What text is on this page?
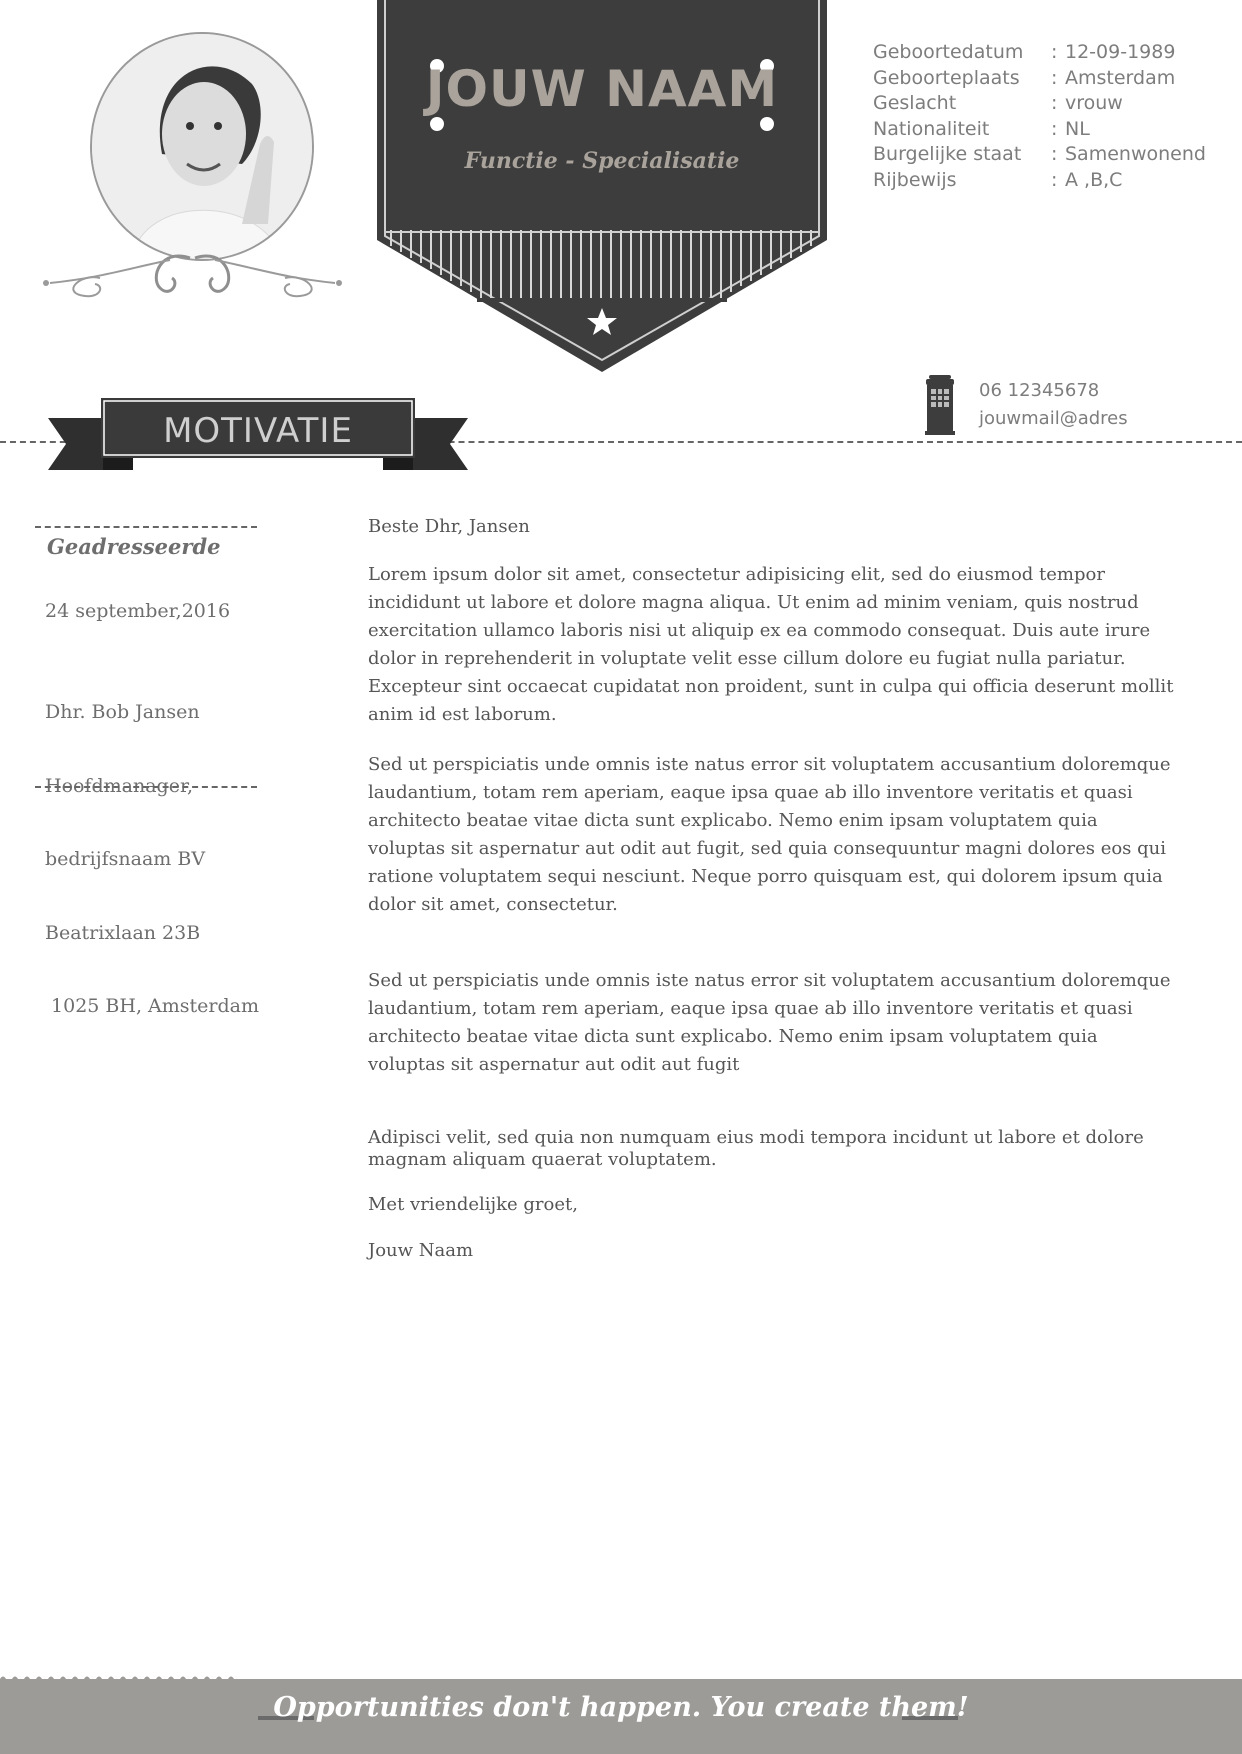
JOUW NAAM
Functie - Specialisatie
Geboortedatum : 12-09-1989
Geboorteplaats : Amsterdam
Geslacht	: vrouw
Nationaliteit	: NL
Burgelijke staat : Samenwonend
Rijbewijs	: A ,B,C
06 12345678
jouwmail@adres
MOTIVATIE
Geadresseerde
24 september,2016

Dhr. Bob Jansen

Hoofdmanager,

bedrijfsnaam BV

Beatrixlaan 23B

1025 BH, Amsterdam

Beste Dhr, Jansen

Lorem ipsum dolor sit amet, consectetur adipisicing elit, sed do eiusmod tempor incididunt ut labore et dolore magna aliqua. Ut enim ad minim veniam, quis nostrud exercitation ullamco laboris nisi ut aliquip ex ea commodo consequat. Duis aute irure dolor in reprehenderit in voluptate velit esse cillum dolore eu fugiat nulla pariatur. Excepteur sint occaecat cupidatat non proident, sunt in culpa qui officia deserunt mollit anim id est laborum.

Sed ut perspiciatis unde omnis iste natus error sit voluptatem accusantium doloremque laudantium, totam rem aperiam, eaque ipsa quae ab illo inventore veritatis et quasi architecto beatae vitae dicta sunt explicabo. Nemo enim ipsam voluptatem quia voluptas sit aspernatur aut odit aut fugit, sed quia consequuntur magni dolores eos qui ratione voluptatem sequi nesciunt. Neque porro quisquam est, qui dolorem ipsum quia dolor sit amet, consectetur.

Sed ut perspiciatis unde omnis iste natus error sit voluptatem accusantium doloremque laudantium, totam rem aperiam, eaque ipsa quae ab illo inventore veritatis et quasi architecto beatae vitae dicta sunt explicabo. Nemo enim ipsam voluptatem quia voluptas sit aspernatur aut odit aut fugit

Adipisci velit, sed quia non numquam eius modi tempora incidunt ut labore et dolore magnam aliquam quaerat voluptatem.

Met vriendelijke groet,

Jouw Naam

Opportunities don't happen. You create them!
